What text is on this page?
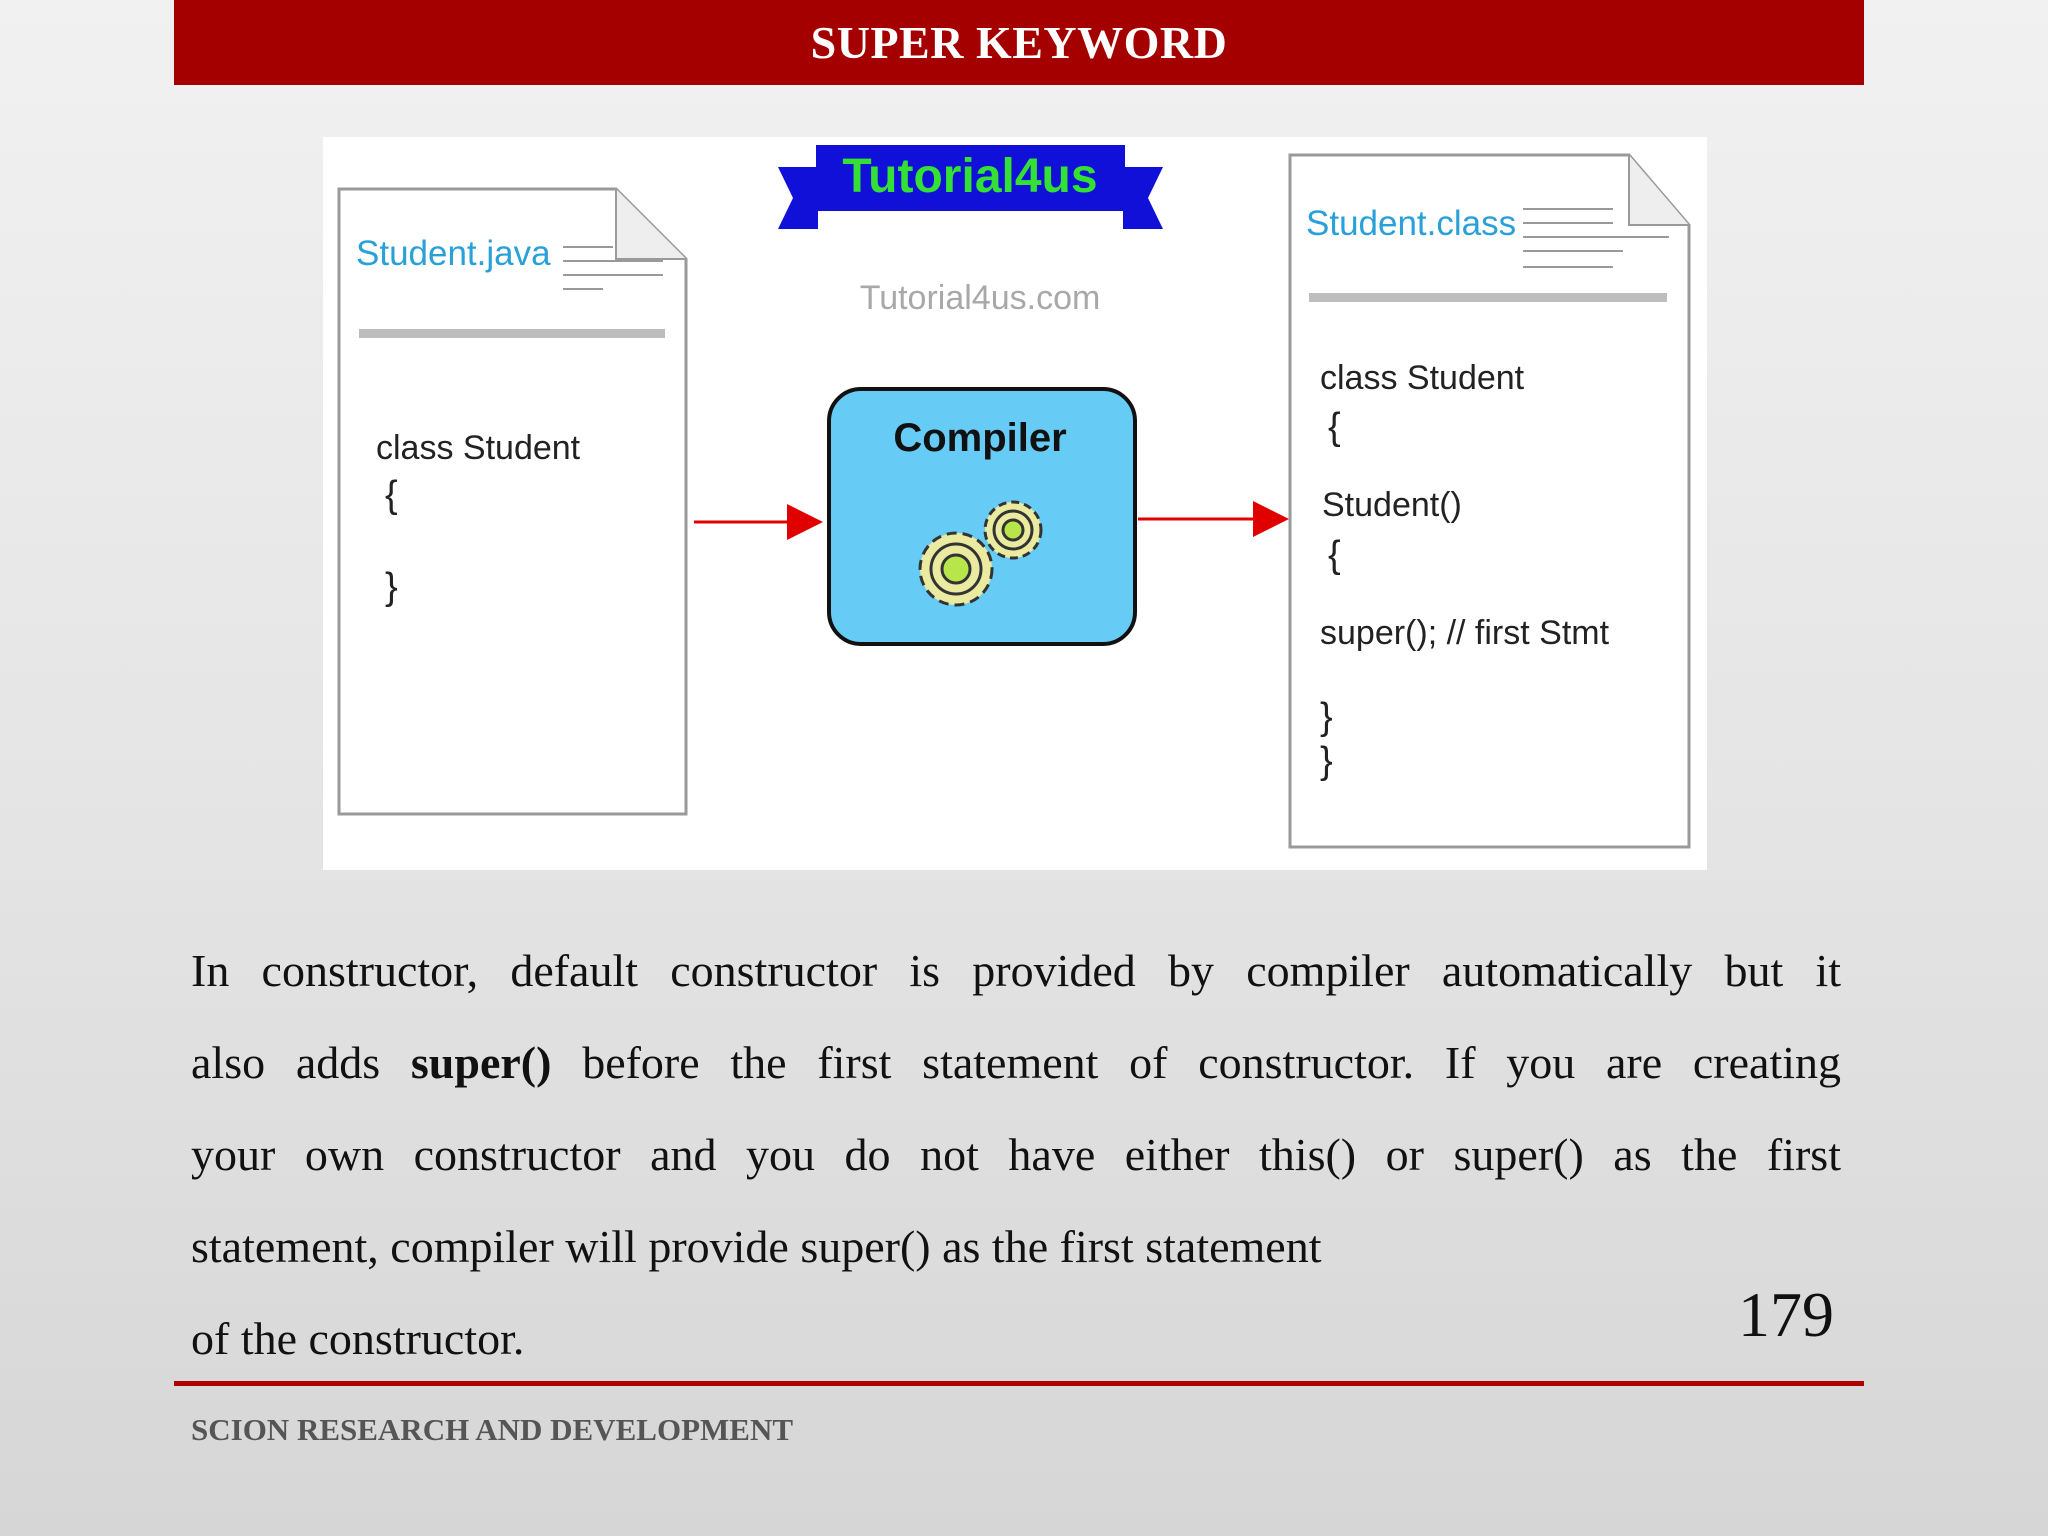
SUPER KEYWORD
Student.java
class Student
{
}
Tutorial4us
Tutorial4us.com
Compiler
Student.class
class Student
{
Student()
{
super(); // first Stmt
}
}
In constructor, default constructor is provided by compiler automatically but it
also adds super() before the first statement of constructor. If you are creating
your own constructor and you do not have either this() or super() as the first
statement, compiler will provide super() as the first statement
of the constructor.	179
SCION RESEARCH AND DEVELOPMENT
